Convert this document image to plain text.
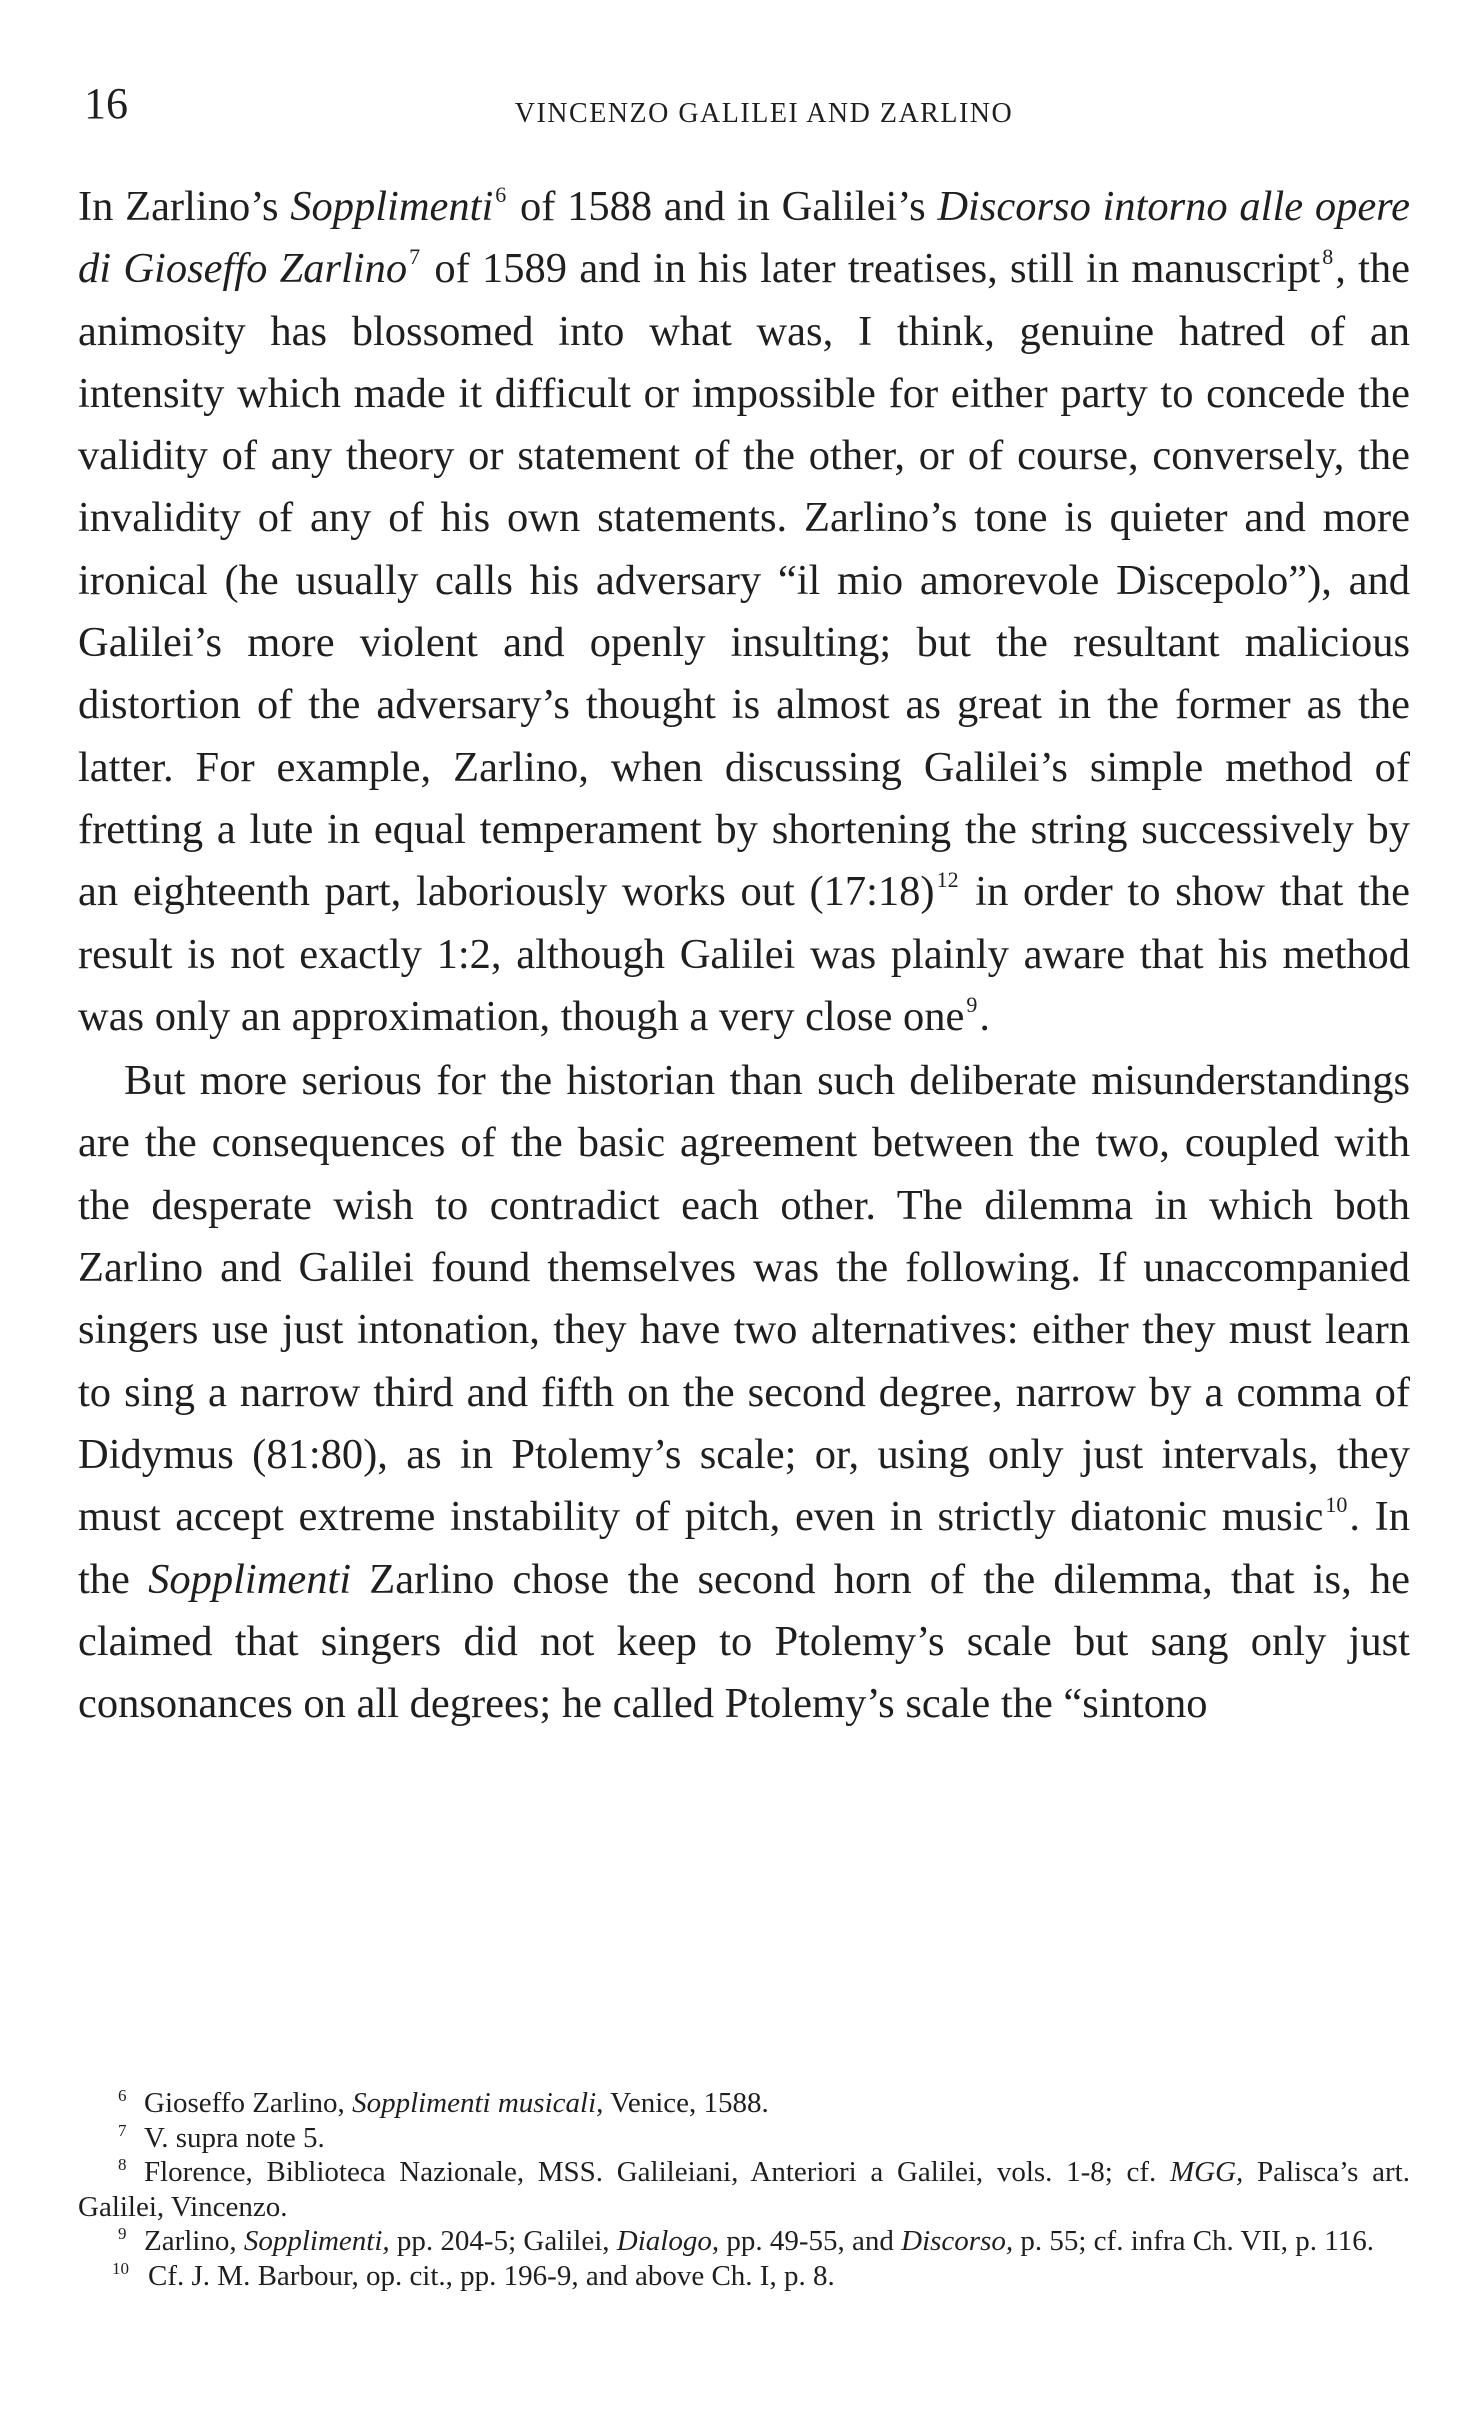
16	VINCENZO GALILEI AND ZARLINO

In Zarlino’s Sopplimenti$^6$ of 1588 and in Galilei’s Discorso intorno alle opere di Gioseffo Zarlino$^7$ of 1589 and in his later treatises, still in manuscript$^8$, the animosity has blossomed into what was, I think, genuine hatred of an intensity which made it difficult or impossible for either party to concede the validity of any theory or statement of the other, or of course, conversely, the invalidity of any of his own statements. Zarlino’s tone is quieter and more ironical (he usually calls his adversary “il mio amorevole Discepolo”), and Galilei’s more violent and openly insulting; but the resultant malicious distortion of the adversary’s thought is almost as great in the former as the latter. For example, Zarlino, when discussing Galilei’s simple method of fretting a lute in equal temperament by shortening the string successively by an eighteenth part, laboriously works out (17:18)$^{12}$ in order to show that the result is not exactly 1:2, although Galilei was plainly aware that his method was only an approximation, though a very close one$^9$.

But more serious for the historian than such deliberate misunderstandings are the consequences of the basic agreement between the two, coupled with the desperate wish to contradict each other. The dilemma in which both Zarlino and Galilei found themselves was the following. If unaccompanied singers use just intonation, they have two alternatives: either they must learn to sing a narrow third and fifth on the second degree, narrow by a comma of Didymus (81:80), as in Ptolemy’s scale; or, using only just intervals, they must accept extreme instability of pitch, even in strictly diatonic music$^{10}$. In the Sopplimenti Zarlino chose the second horn of the dilemma, that is, he claimed that singers did not keep to Ptolemy’s scale but sang only just consonances on all degrees; he called Ptolemy’s scale the “sintono

6 Gioseffo Zarlino, Sopplimenti musicali, Venice, 1588.

7 V. supra note 5.

8 Florence, Biblioteca Nazionale, MSS. Galileiani, Anteriori a Galilei, vols. 1-8; cf. MGG, Palisca’s art. Galilei, Vincenzo.

9 Zarlino, Sopplimenti, pp. 204-5; Galilei, Dialogo, pp. 49-55, and Discorso, p. 55; cf. infra Ch. VII, p. 116.

10 Cf. J. M. Barbour, op. cit., pp. 196-9, and above Ch. I, p. 8.
